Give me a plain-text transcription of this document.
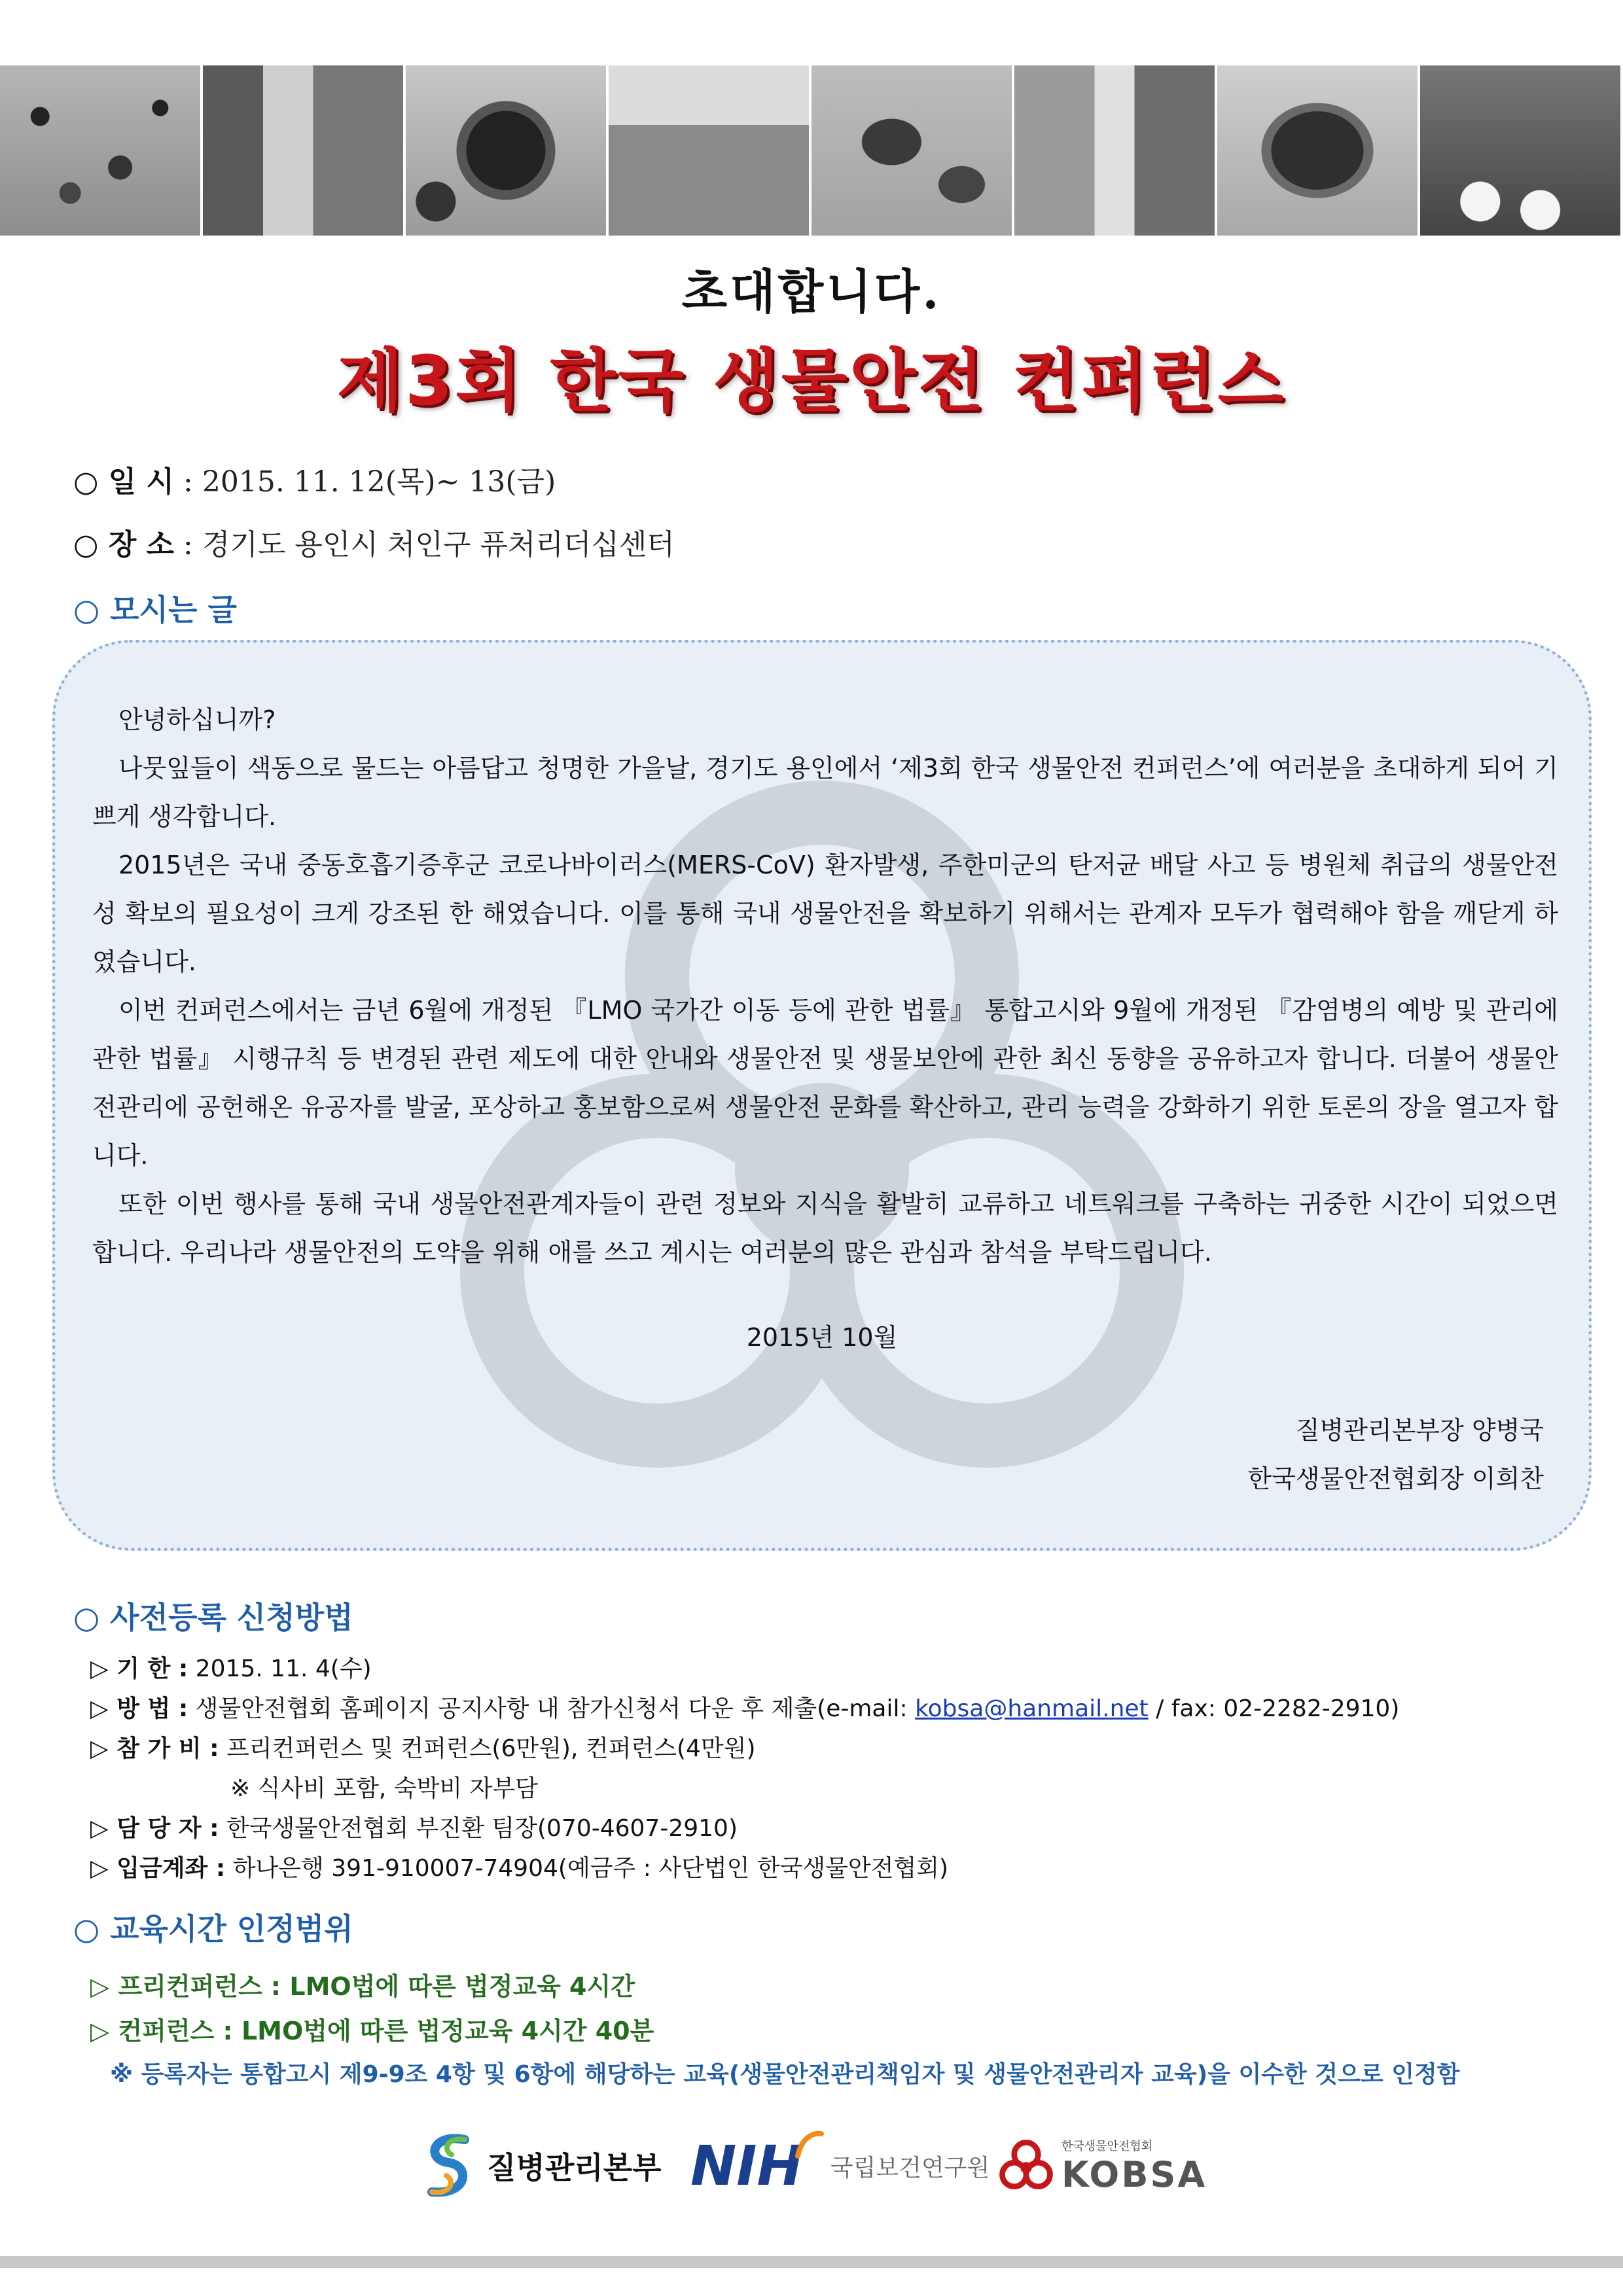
초대합니다.
제3회 한국 생물안전 컨퍼런스
○ 일 시 : 2015. 11. 12(목)~ 13(금)
○ 장 소 : 경기도 용인시 처인구 퓨처리더십센터
○ 모시는 글

안녕하십니까?

나뭇잎들이 색동으로 물드는 아름답고 청명한 가을날, 경기도 용인에서 ‘제3회 한국 생물안전 컨퍼런스’에 여러분을 초대하게 되어 기쁘게 생각합니다.

2015년은 국내 중동호흡기증후군 코로나바이러스(MERS-CoV) 환자발생, 주한미군의 탄저균 배달 사고 등 병원체 취급의 생물안전성 확보의 필요성이 크게 강조된 한 해였습니다. 이를 통해 국내 생물안전을 확보하기 위해서는 관계자 모두가 협력해야 함을 깨닫게 하였습니다.

이번 컨퍼런스에서는 금년 6월에 개정된 『LMO 국가간 이동 등에 관한 법률』 통합고시와 9월에 개정된 『감염병의 예방 및 관리에 관한 법률』 시행규칙 등 변경된 관련 제도에 대한 안내와 생물안전 및 생물보안에 관한 최신 동향을 공유하고자 합니다. 더불어 생물안전관리에 공헌해온 유공자를 발굴, 포상하고 홍보함으로써 생물안전 문화를 확산하고, 관리 능력을 강화하기 위한 토론의 장을 열고자 합니다.

또한 이번 행사를 통해 국내 생물안전관계자들이 관련 정보와 지식을 활발히 교류하고 네트워크를 구축하는 귀중한 시간이 되었으면 합니다. 우리나라 생물안전의 도약을 위해 애를 쓰고 계시는 여러분의 많은 관심과 참석을 부탁드립니다.

2015년 10월
질병관리본부장 양병국
한국생물안전협회장 이희찬
○ 사전등록 신청방법
▷ 기 한 : 2015. 11. 4(수)
▷ 방 법 : 생물안전협회 홈페이지 공지사항 내 참가신청서 다운 후 제출(e-mail: kobsa@hanmail.net / fax: 02-2282-2910)
▷ 참 가 비 : 프리컨퍼런스 및 컨퍼런스(6만원), 컨퍼런스(4만원)
※ 식사비 포함, 숙박비 자부담
▷ 담 당 자 : 한국생물안전협회 부진환 팀장(070-4607-2910)
▷ 입금계좌 : 하나은행 391-910007-74904(예금주 : 사단법인 한국생물안전협회)
○ 교육시간 인정범위
▷ 프리컨퍼런스 : LMO법에 따른 법정교육 4시간
▷ 컨퍼런스 : LMO법에 따른 법정교육 4시간 40분
※ 등록자는 통합고시 제9-9조 4항 및 6항에 해당하는 교육(생물안전관리책임자 및 생물안전관리자 교육)을 이수한 것으로 인정함
질병관리본부 NIH 국립보건연구원
한국생물안전협회
KOBSA
